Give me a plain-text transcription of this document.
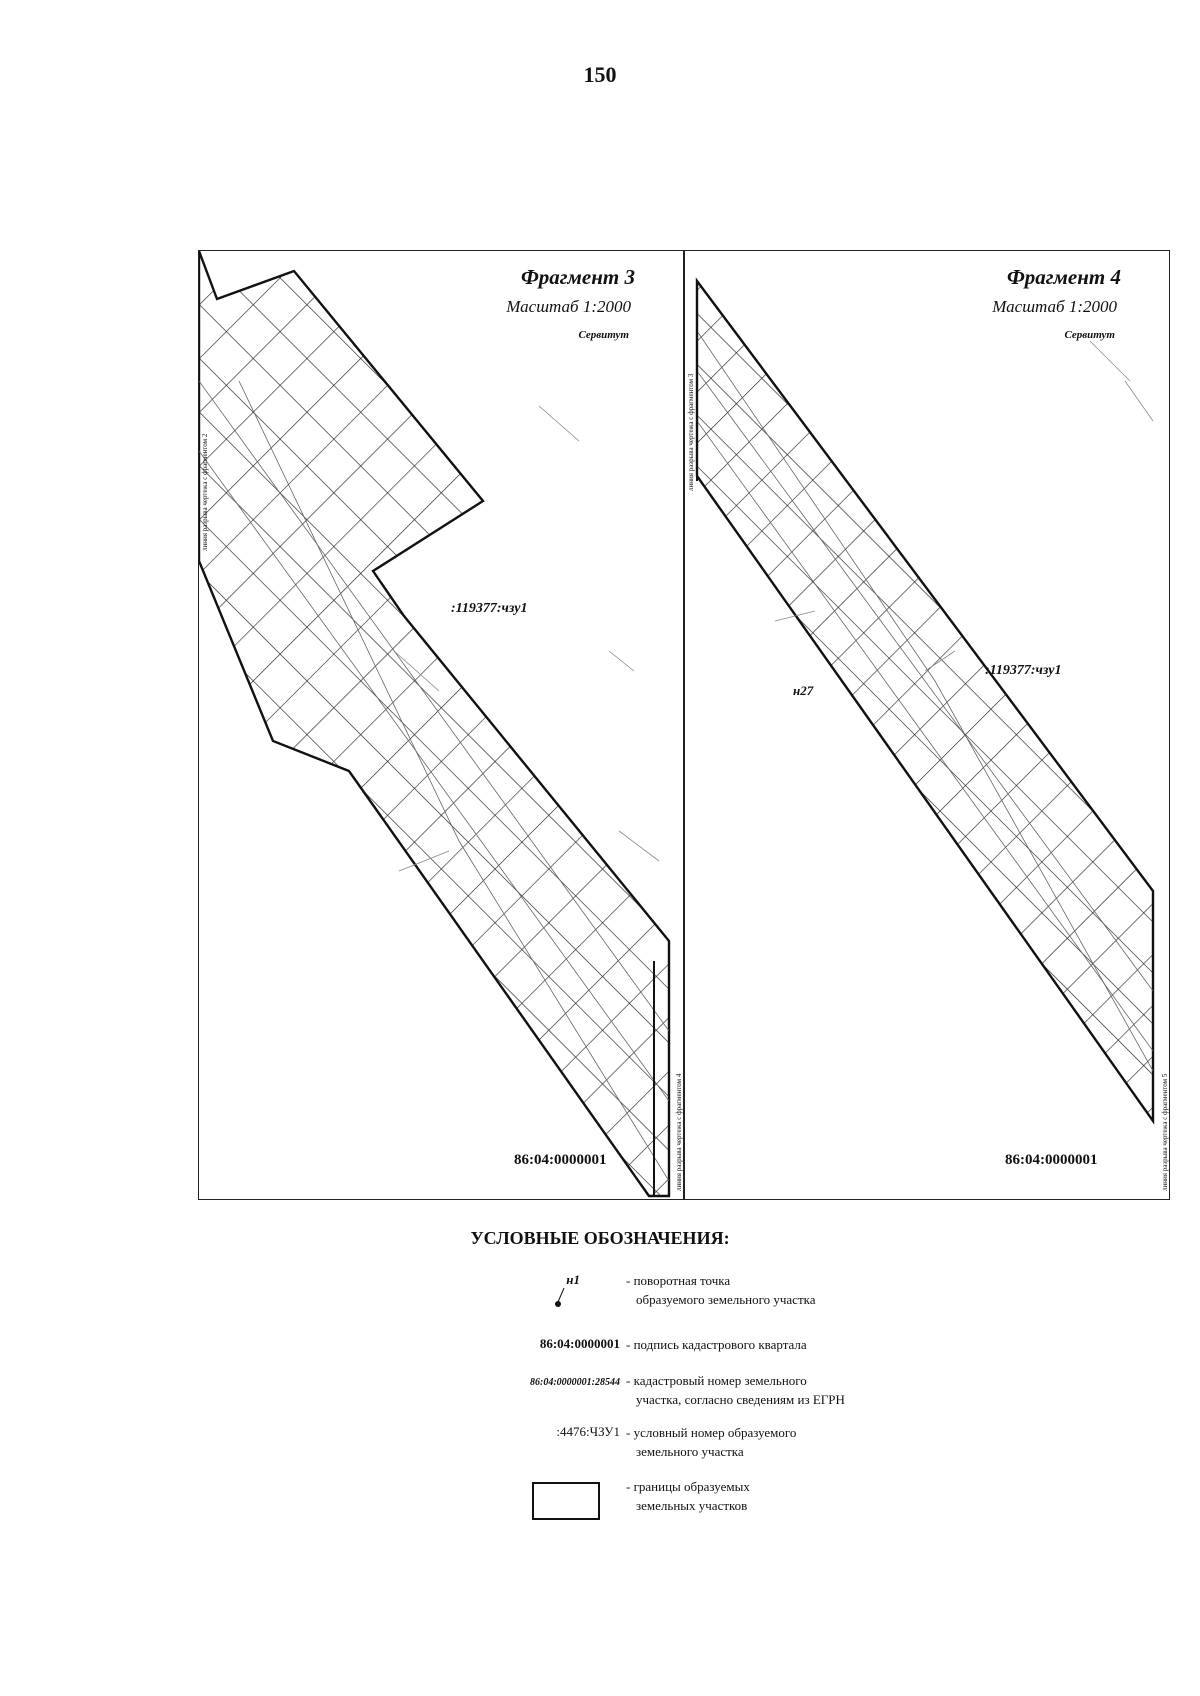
150
Фрагмент 3
Масштаб 1:2000
Сервитут
:119377:чзу1
86:04:0000001
линия разрыва чертежа с фрагментом 2
линия разрыва чертежа с фрагментом 4
Фрагмент 4
Масштаб 1:2000
Сервитут
:119377:чзу1
н27
86:04:0000001
линия разрыва чертежа с фрагментом 3
линия разрыва чертежа с фрагментом 5
УСЛОВНЫЕ ОБОЗНАЧЕНИЯ:
н1	- поворотная точка
образуемого земельного участка
86:04:0000001 - подпись кадастрового квартала
86:04:0000001:28544 - кадастровый номер земельного
участка, согласно сведениям из ЕГРН
:4476:ЧЗУ1 - условный номер образуемого
земельного участка
- границы образуемых
земельных участков
